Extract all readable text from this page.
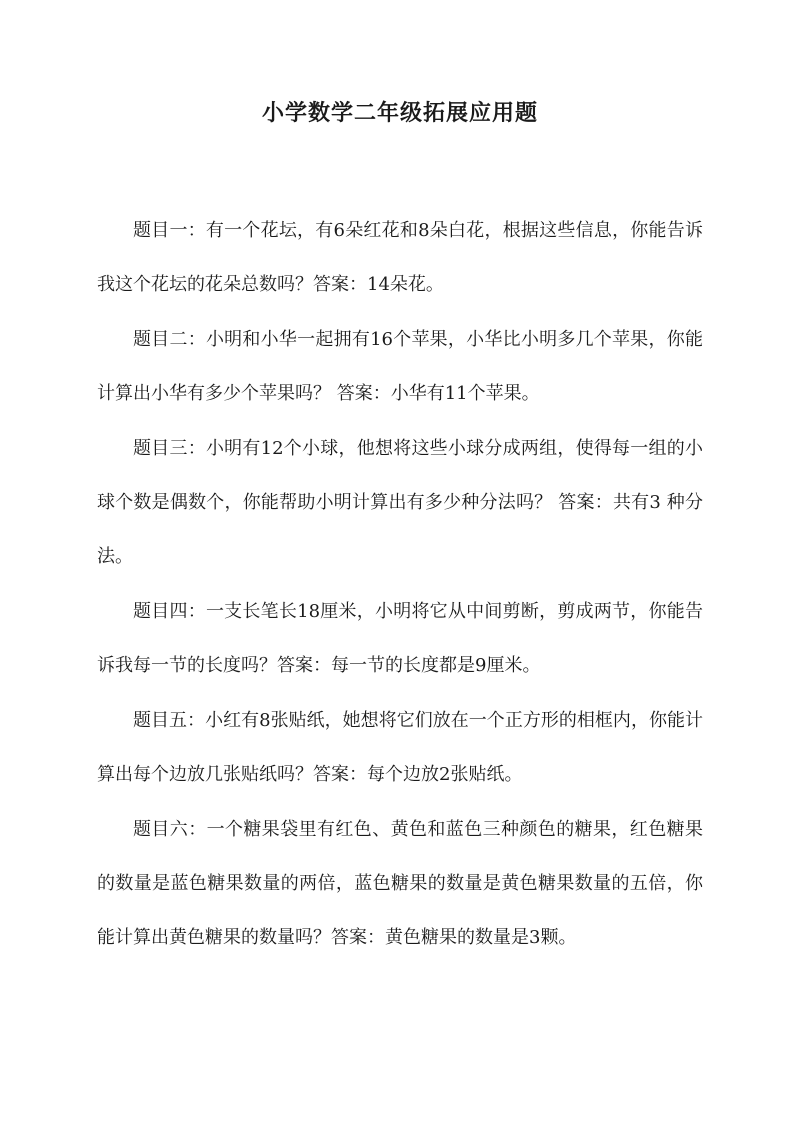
小学数学二年级拓展应用题

题目一：有一个花坛，有6朵红花和8朵白花，根据这些信息，你能告诉我这个花坛的花朵总数吗？答案：14朵花。

题目二：小明和小华一起拥有16个苹果，小华比小明多几个苹果，你能计算出小华有多少个苹果吗？ 答案：小华有11个苹果。

题目三：小明有12个小球，他想将这些小球分成两组，使得每一组的小球个数是偶数个，你能帮助小明计算出有多少种分法吗？ 答案：共有3 种分法。

题目四：一支长笔长18厘米，小明将它从中间剪断，剪成两节，你能告诉我每一节的长度吗？答案：每一节的长度都是9厘米。

题目五：小红有8张贴纸，她想将它们放在一个正方形的相框内，你能计算出每个边放几张贴纸吗？答案：每个边放2张贴纸。

题目六：一个糖果袋里有红色、黄色和蓝色三种颜色的糖果，红色糖果的数量是蓝色糖果数量的两倍，蓝色糖果的数量是黄色糖果数量的五倍，你能计算出黄色糖果的数量吗？答案：黄色糖果的数量是3颗。
